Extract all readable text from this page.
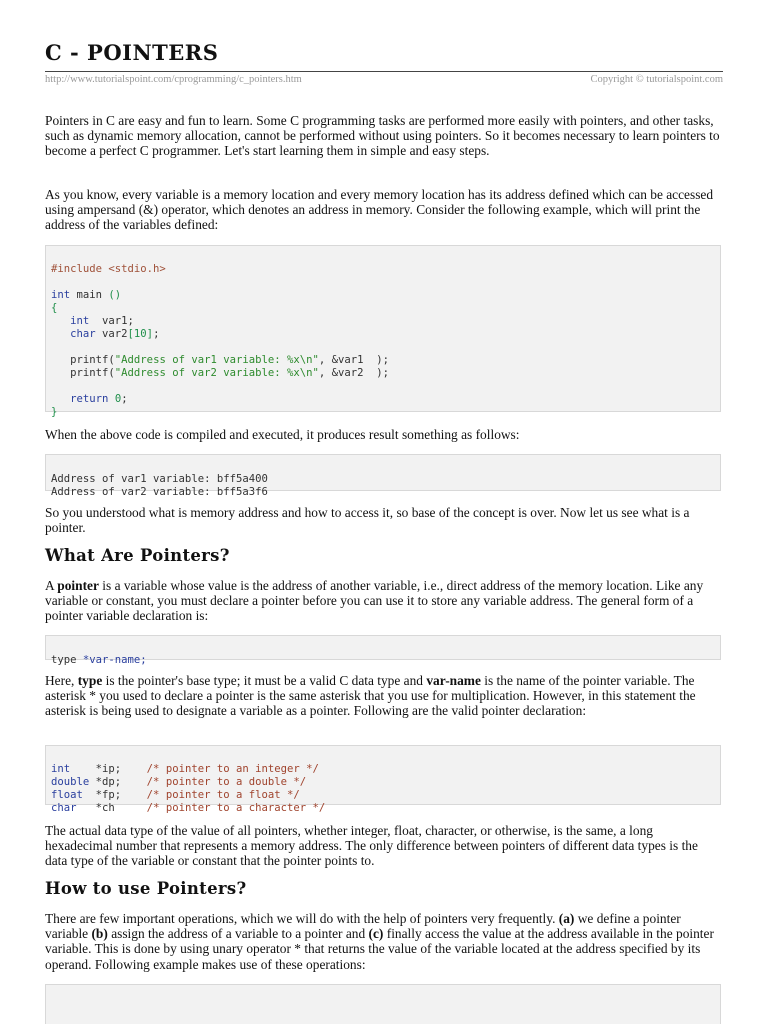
C - POINTERS
http://www.tutorialspoint.com/cprogramming/c_pointers.htm	Copyright © tutorialspoint.com

Pointers in C are easy and fun to learn. Some C programming tasks are performed more easily with pointers, and other tasks, such as dynamic memory allocation, cannot be performed without using pointers. So it becomes necessary to learn pointers to become a perfect C programmer. Let's start learning them in simple and easy steps.

As you know, every variable is a memory location and every memory location has its address defined which can be accessed using ampersand (&) operator, which denotes an address in memory. Consider the following example, which will print the address of the variables defined:

#include <stdio.h>
int main ()
{
int  var1;
char var2[10];
printf("Address of var1 variable: %x\n", &var1  );
printf("Address of var2 variable: %x\n", &var2  );
return 0;
}

When the above code is compiled and executed, it produces result something as follows:

Address of var1 variable: bff5a400
Address of var2 variable: bff5a3f6

So you understood what is memory address and how to access it, so base of the concept is over. Now let us see what is a pointer.

What Are Pointers?

A pointer is a variable whose value is the address of another variable, i.e., direct address of the memory location. Like any variable or constant, you must declare a pointer before you can use it to store any variable address. The general form of a pointer variable declaration is:

type *var-name;

Here, type is the pointer's base type; it must be a valid C data type and var-name is the name of the pointer variable. The asterisk * you used to declare a pointer is the same asterisk that you use for multiplication. However, in this statement the asterisk is being used to designate a variable as a pointer. Following are the valid pointer declaration:

int    *ip;    /* pointer to an integer */
double *dp;    /* pointer to a double */
float  *fp;    /* pointer to a float */
char   *ch     /* pointer to a character */

The actual data type of the value of all pointers, whether integer, float, character, or otherwise, is the same, a long hexadecimal number that represents a memory address. The only difference between pointers of different data types is the data type of the variable or constant that the pointer points to.

How to use Pointers?

There are few important operations, which we will do with the help of pointers very frequently. (a) we define a pointer variable (b) assign the address of a variable to a pointer and (c) finally access the value at the address available in the pointer variable. This is done by using unary operator * that returns the value of the variable located at the address specified by its operand. Following example makes use of these operations:
